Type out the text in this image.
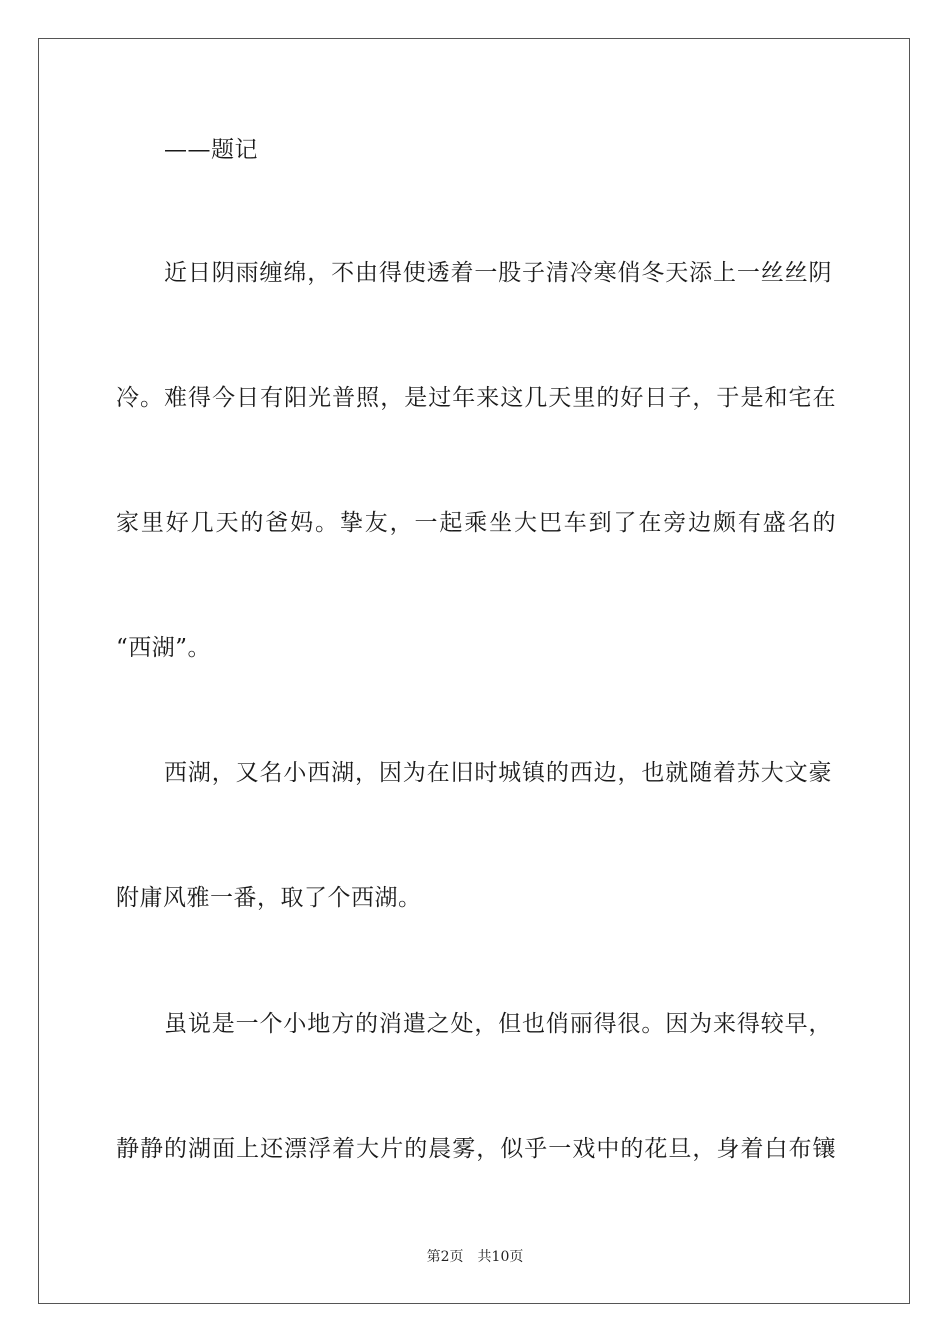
——题记
近日阴雨缠绵，不由得使透着一股子清冷寒俏冬天添上一丝丝阴
冷。难得今日有阳光普照，是过年来这几天里的好日子，于是和宅在
家里好几天的爸妈。挚友，一起乘坐大巴车到了在旁边颇有盛名的
“西湖”。
西湖，又名小西湖，因为在旧时城镇的西边，也就随着苏大文豪
附庸风雅一番，取了个西湖。
虽说是一个小地方的消遣之处，但也俏丽得很。因为来得较早，
静静的湖面上还漂浮着大片的晨雾，似乎一戏中的花旦，身着白布镶
第2页 共10页
